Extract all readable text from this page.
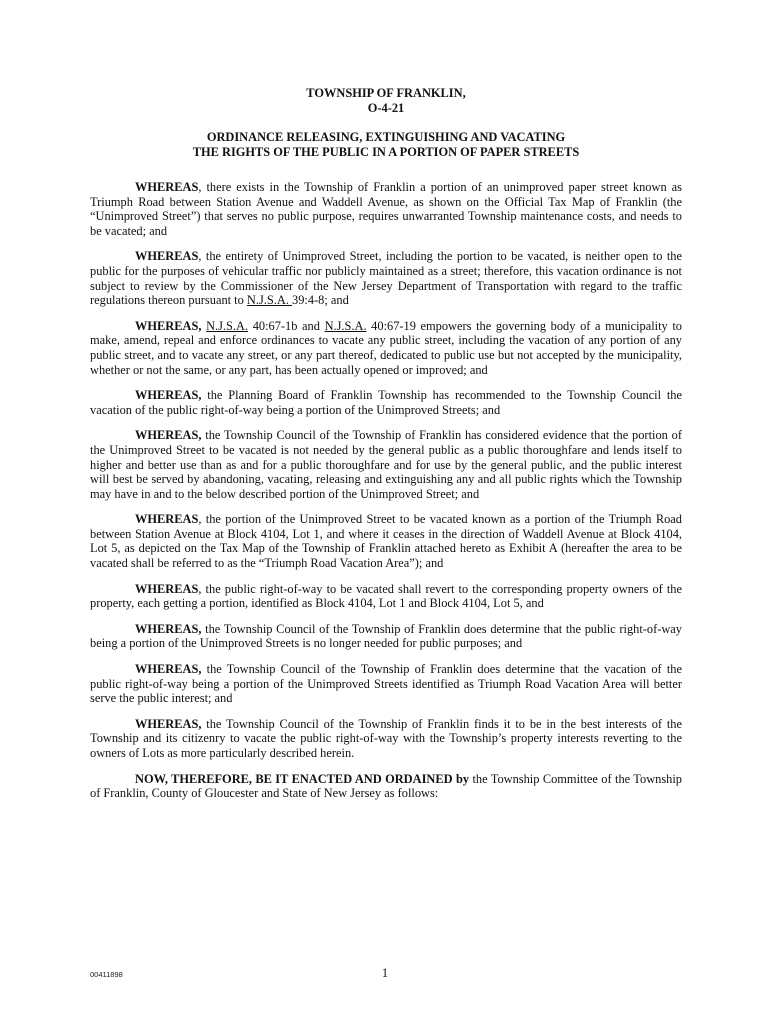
TOWNSHIP OF FRANKLIN,

O-4-21

ORDINANCE RELEASING, EXTINGUISHING AND VACATING

THE RIGHTS OF THE PUBLIC IN A PORTION OF PAPER STREETS

WHEREAS, there exists in the Township of Franklin a portion of an unimproved paper street known as Triumph Road between Station Avenue and Waddell Avenue, as shown on the Official Tax Map of Franklin (the “Unimproved Street”) that serves no public purpose, requires unwarranted Township maintenance costs, and needs to be vacated; and

WHEREAS, the entirety of Unimproved Street, including the portion to be vacated, is neither open to the public for the purposes of vehicular traffic nor publicly maintained as a street; therefore, this vacation ordinance is not subject to review by the Commissioner of the New Jersey Department of Transportation with regard to the traffic regulations thereon pursuant to N.J.S.A. 39:4-8; and

WHEREAS, N.J.S.A. 40:67-1b and N.J.S.A. 40:67-19 empowers the governing body of a municipality to make, amend, repeal and enforce ordinances to vacate any public street, including the vacation of any portion of any public street, and to vacate any street, or any part thereof, dedicated to public use but not accepted by the municipality, whether or not the same, or any part, has been actually opened or improved; and

WHEREAS, the Planning Board of Franklin Township has recommended to the Township Council the vacation of the public right-of-way being a portion of the Unimproved Streets; and

WHEREAS, the Township Council of the Township of Franklin has considered evidence that the portion of the Unimproved Street to be vacated is not needed by the general public as a public thoroughfare and lends itself to higher and better use than as and for a public thoroughfare and for use by the general public, and the public interest will best be served by abandoning, vacating, releasing and extinguishing any and all public rights which the Township may have in and to the below described portion of the Unimproved Street; and

WHEREAS, the portion of the Unimproved Street to be vacated known as a portion of the Triumph Road between Station Avenue at Block 4104, Lot 1, and where it ceases in the direction of Waddell Avenue at Block 4104, Lot 5, as depicted on the Tax Map of the Township of Franklin attached hereto as Exhibit A (hereafter the area to be vacated shall be referred to as the “Triumph Road Vacation Area”); and

WHEREAS, the public right-of-way to be vacated shall revert to the corresponding property owners of the property, each getting a portion, identified as Block 4104, Lot 1 and Block 4104, Lot 5, and

WHEREAS, the Township Council of the Township of Franklin does determine that the public right-of-way being a portion of the Unimproved Streets is no longer needed for public purposes; and

WHEREAS, the Township Council of the Township of Franklin does determine that the vacation of the public right-of-way being a portion of the Unimproved Streets identified as Triumph Road Vacation Area will better serve the public interest; and

WHEREAS, the Township Council of the Township of Franklin finds it to be in the best interests of the Township and its citizenry to vacate the public right-of-way with the Township’s property interests reverting to the owners of Lots as more particularly described herein.

NOW, THEREFORE, BE IT ENACTED AND ORDAINED by the Township Committee of the Township of Franklin, County of Gloucester and State of New Jersey as follows:

00411898	1
